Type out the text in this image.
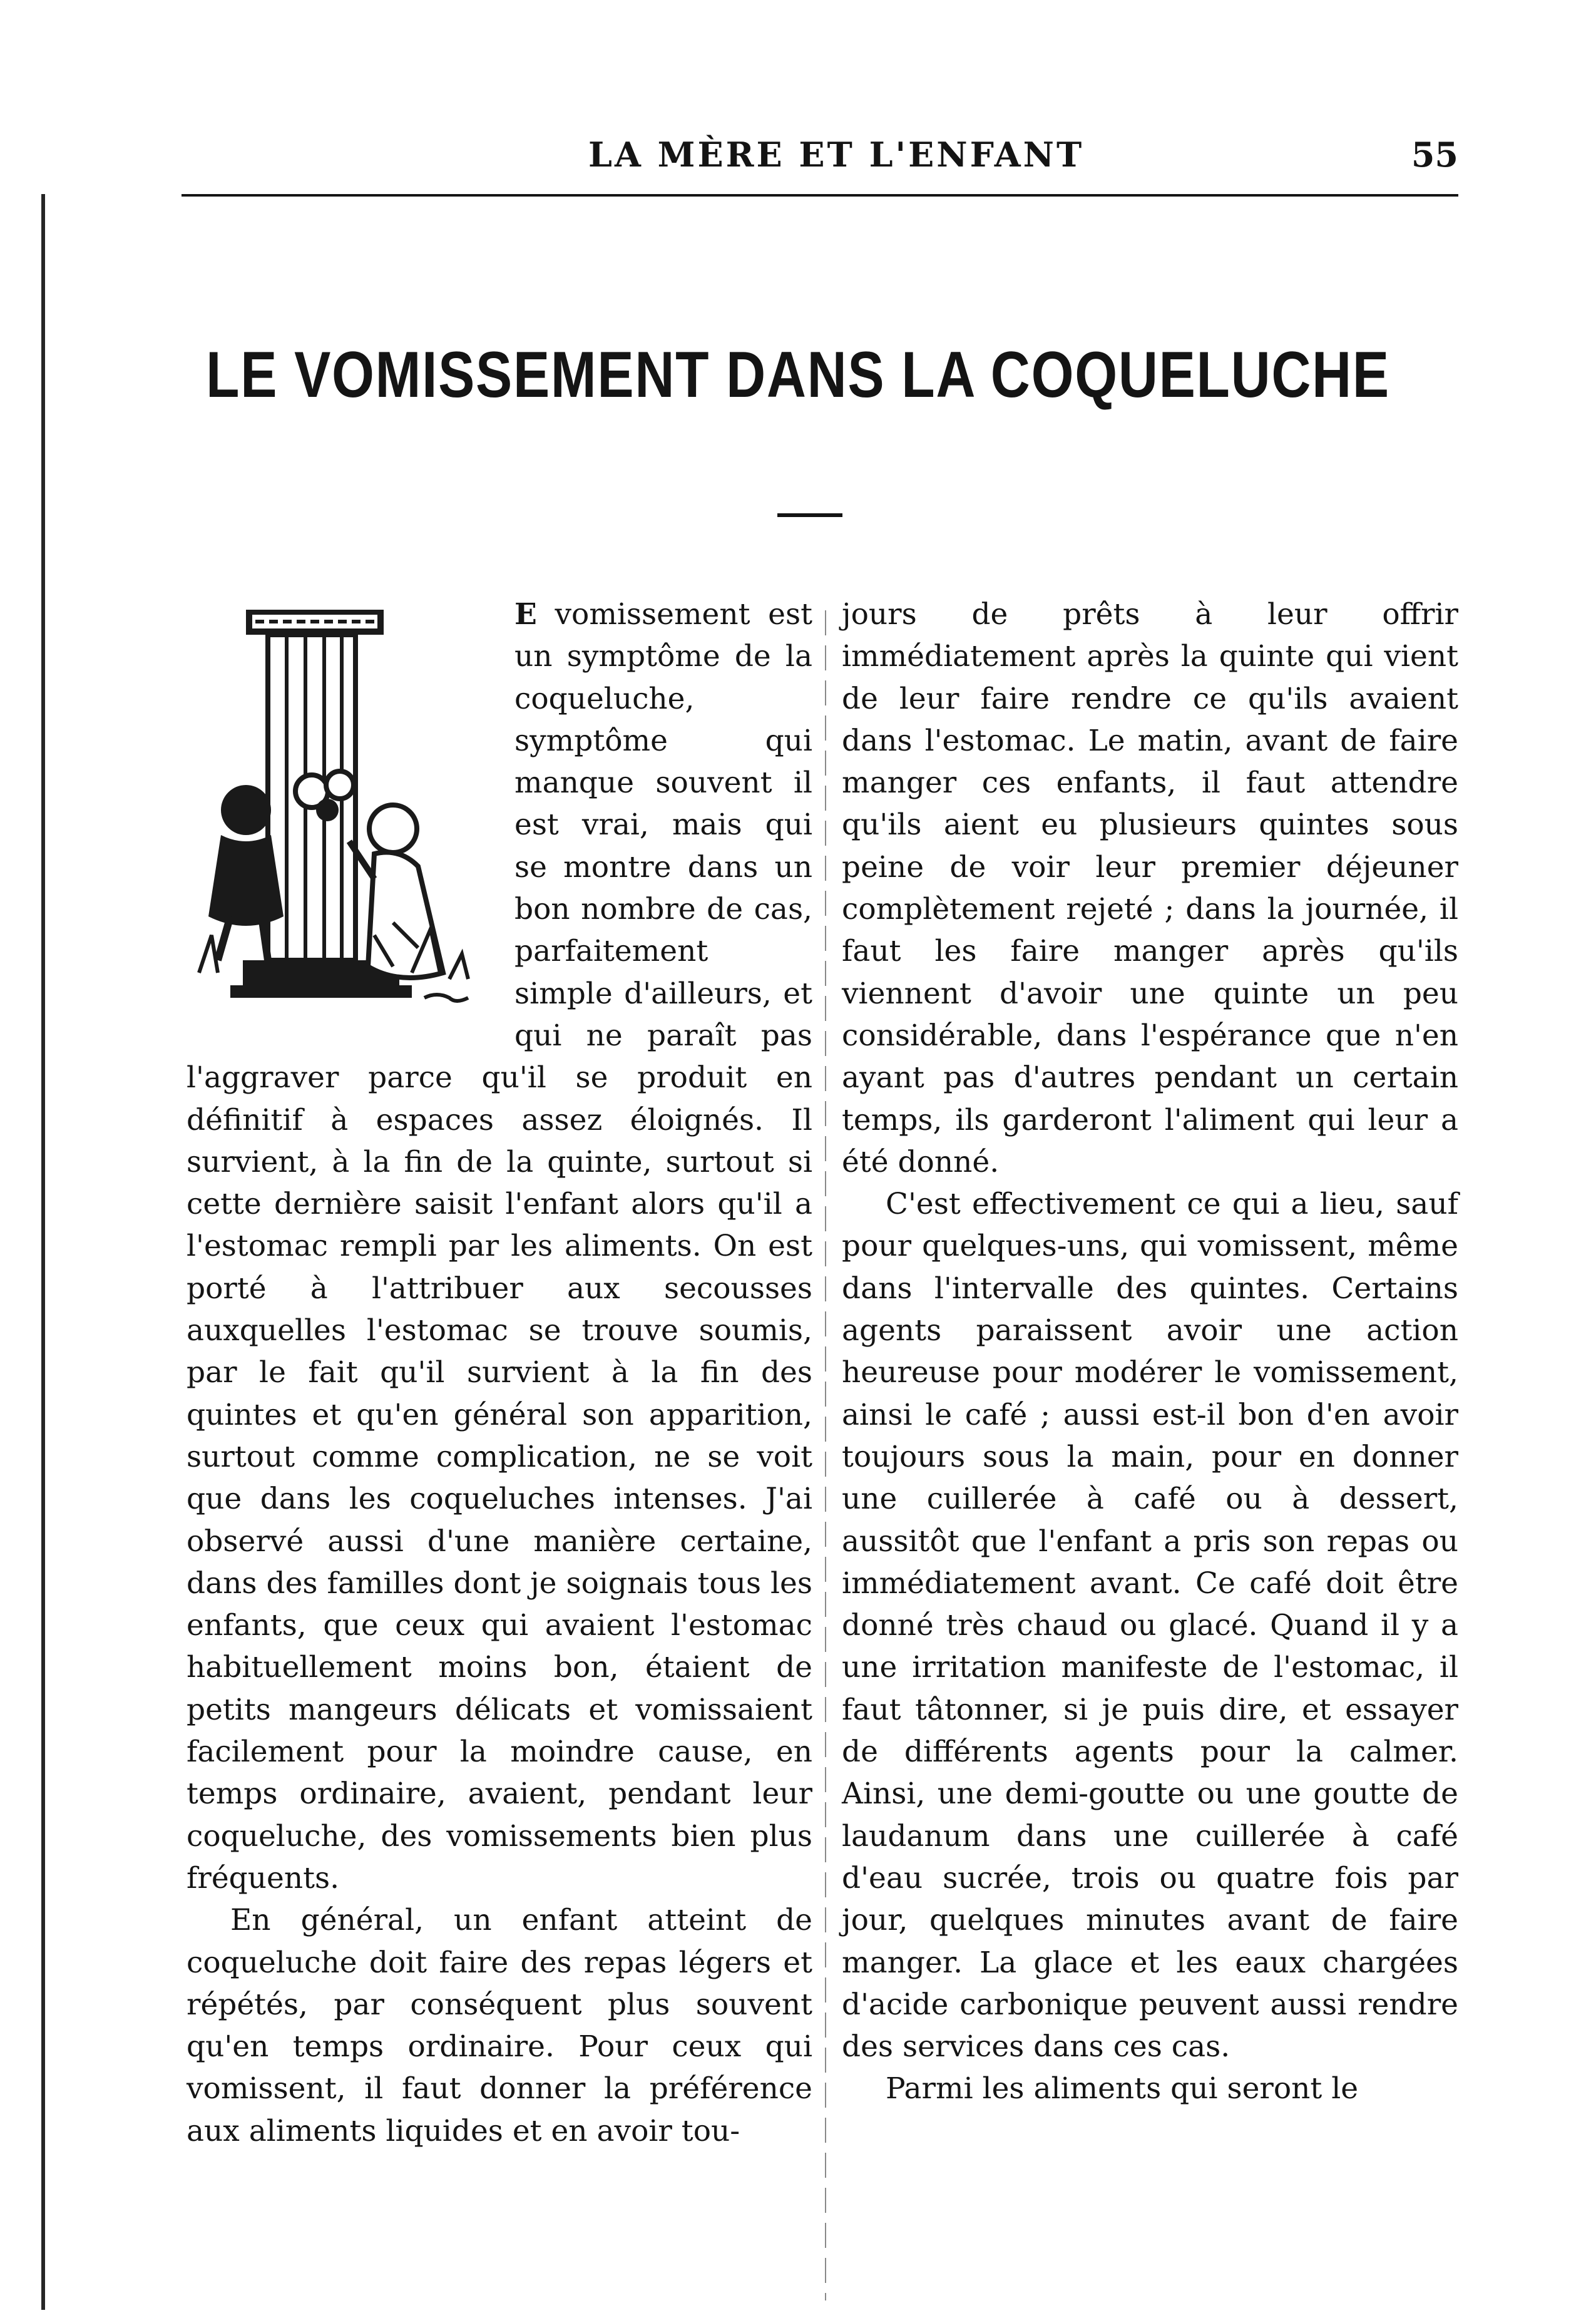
LA MÈRE ET L'ENFANT	55
LE VOMISSEMENT DANS LA COQUELUCHE

E vomissement est un symptôme de la coqueluche, symptôme qui manque souvent il est vrai, mais qui se montre dans un bon nombre de cas, parfaitement simple d'ailleurs, et qui ne paraît pas l'aggraver parce qu'il se produit en définitif à espaces assez éloignés. Il survient, à la fin de la quinte, surtout si cette dernière saisit l'enfant alors qu'il a l'estomac rempli par les aliments. On est porté à l'attribuer aux secousses auxquelles l'estomac se trouve soumis, par le fait qu'il survient à la fin des quintes et qu'en général son apparition, surtout comme complication, ne se voit que dans les coqueluches intenses. J'ai observé aussi d'une manière certaine, dans des familles dont je soignais tous les enfants, que ceux qui avaient l'estomac habituellement moins bon, étaient de petits mangeurs délicats et vomissaient facilement pour la moindre cause, en temps ordinaire, avaient, pendant leur coqueluche, des vomissements bien plus fréquents.

En général, un enfant atteint de coqueluche doit faire des repas légers et répétés, par conséquent plus souvent qu'en temps ordinaire. Pour ceux qui vomissent, il faut donner la préférence aux aliments liquides et en avoir tou-

jours de prêts à leur offrir immédiatement après la quinte qui vient de leur faire rendre ce qu'ils avaient dans l'estomac. Le matin, avant de faire manger ces enfants, il faut attendre qu'ils aient eu plusieurs quintes sous peine de voir leur premier déjeuner complètement rejeté ; dans la journée, il faut les faire manger après qu'ils viennent d'avoir une quinte un peu considérable, dans l'espérance que n'en ayant pas d'autres pendant un certain temps, ils garderont l'aliment qui leur a été donné.

C'est effectivement ce qui a lieu, sauf pour quelques-uns, qui vomissent, même dans l'intervalle des quintes. Certains agents paraissent avoir une action heureuse pour modérer le vomissement, ainsi le café ; aussi est-il bon d'en avoir toujours sous la main, pour en donner une cuillerée à café ou à dessert, aussitôt que l'enfant a pris son repas ou immédiatement avant. Ce café doit être donné très chaud ou glacé. Quand il y a une irritation manifeste de l'estomac, il faut tâtonner, si je puis dire, et essayer de différents agents pour la calmer. Ainsi, une demi-goutte ou une goutte de laudanum dans une cuillerée à café d'eau sucrée, trois ou quatre fois par jour, quelques minutes avant de faire manger. La glace et les eaux chargées d'acide carbonique peuvent aussi rendre des services dans ces cas.

Parmi les aliments qui seront le
